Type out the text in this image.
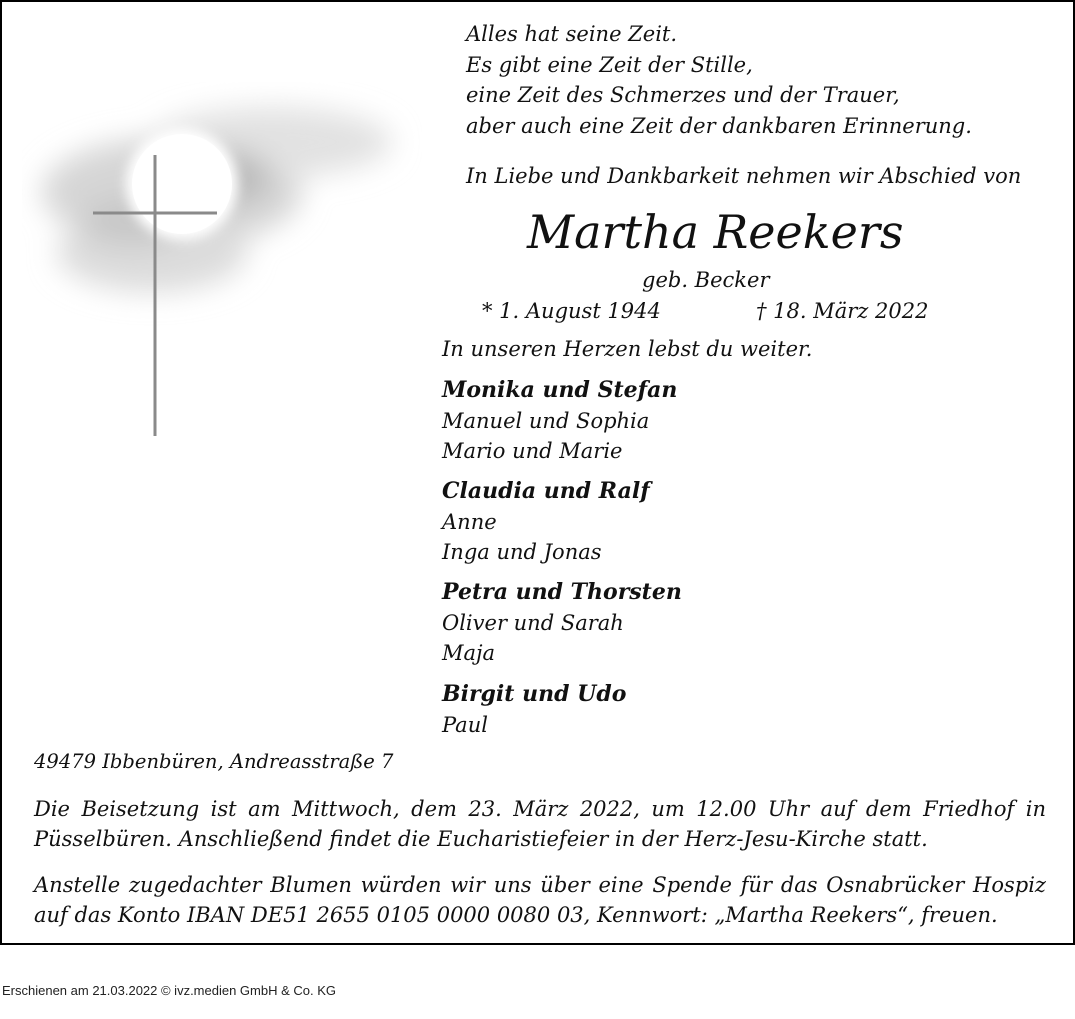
Alles hat seine Zeit.
Es gibt eine Zeit der Stille,
eine Zeit des Schmerzes und der Trauer,
aber auch eine Zeit der dankbaren Erinnerung.
In Liebe und Dankbarkeit nehmen wir Abschied von
Martha Reekers
geb. Becker
* 1. August 1944	† 18. März 2022
In unseren Herzen lebst du weiter.
Monika und Stefan
Manuel und Sophia
Mario und Marie
Claudia und Ralf
Anne
Inga und Jonas
Petra und Thorsten
Oliver und Sarah
Maja
Birgit und Udo
Paul
49479 Ibbenbüren, Andreasstraße 7

Die Beisetzung ist am Mittwoch, dem 23. März 2022, um 12.00 Uhr auf dem Friedhof in Püsselbüren. Anschließend findet die Eucharistiefeier in der Herz-Jesu-Kirche statt.

Anstelle zugedachter Blumen würden wir uns über eine Spende für das Osnabrücker Hospiz auf das Konto IBAN DE51 2655 0105 0000 0080 03, Kennwort: „Martha Reekers“, freuen.

Erschienen am 21.03.2022 © ivz.medien GmbH & Co. KG
